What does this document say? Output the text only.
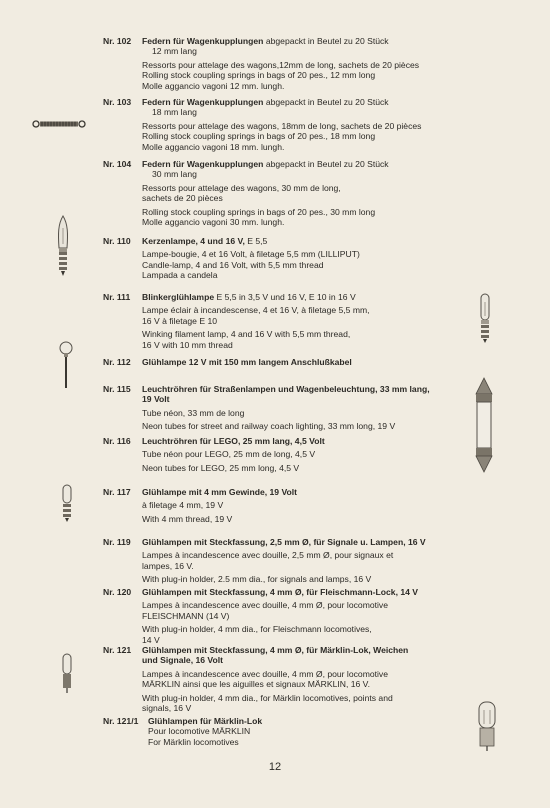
Nr. 102	Federn für Wagenkupplungen abgepackt in Beutel zu 20 Stück
12 mm lang
Ressorts pour attelage des wagons,12mm de long, sachets de 20 pièces
Rolling stock coupling springs in bags of 20 pes., 12 mm long
Molle aggancio vagoni 12 mm. lungh.
Nr. 103	Federn für Wagenkupplungen abgepackt in Beutel zu 20 Stück
18 mm lang
Ressorts pour attelage des wagons, 18mm de long, sachets de 20 pièces
Rolling stock coupling springs in bags of 20 pes., 18 mm long
Molle aggancio vagoni 18 mm. lungh.
Nr. 104	Federn für Wagenkupplungen abgepackt in Beutel zu 20 Stück
30 mm lang
Ressorts pour attelage des wagons, 30 mm de long,
sachets de 20 pièces
Rolling stock coupling springs in bags of 20 pes., 30 mm long
Molle aggancio vagoni 30 mm. lungh.
Nr. 110	Kerzenlampe, 4 und 16 V, E 5,5
Lampe-bougie, 4 et 16 Volt, à filetage 5,5 mm (LILLIPUT)
Candle-lamp, 4 and 16 Volt, with 5,5 mm thread
Lampada a candela
Nr. 111	Blinkerglühlampe E 5,5 in 3,5 V und 16 V, E 10 in 16 V
Lampe éclair à incandescense, 4 et 16 V, à filetage 5,5 mm,
16 V à filetage E 10
Winking filament lamp, 4 and 16 V with 5,5 mm thread,
16 V with 10 mm thread
Nr. 112	Glühlampe 12 V mit 150 mm langem Anschlußkabel
Nr. 115	Leuchtröhren für Straßenlampen und Wagenbeleuchtung, 33 mm lang,
19 Volt
Tube néon, 33 mm de long
Neon tubes for street and railway coach lighting, 33 mm long, 19 V
Nr. 116	Leuchtröhren für LEGO, 25 mm lang, 4,5 Volt
Tube néon pour LEGO, 25 mm de long, 4,5 V
Neon tubes for LEGO, 25 mm long, 4,5 V
Nr. 117	Glühlampe mit 4 mm Gewinde, 19 Volt
à filetage 4 mm, 19 V
With 4 mm thread, 19 V
Nr. 119	Glühlampen mit Steckfassung, 2,5 mm Ø, für Signale u. Lampen, 16 V
Lampes à incandescence avec douille, 2,5 mm Ø, pour signaux et
lampes, 16 V.
With plug-in holder, 2.5 mm dia., for signals and lamps, 16 V
Nr. 120	Glühlampen mit Steckfassung, 4 mm Ø, für Fleischmann-Lock, 14 V
Lampes à incandescence avec douille, 4 mm Ø, pour locomotive
FLEISCHMANN (14 V)
With plug-in holder, 4 mm dia., for Fleischmann locomotives,
14 V
Nr. 121	Glühlampen mit Steckfassung, 4 mm Ø, für Märklin-Lok, Weichen
und Signale, 16 Volt
Lampes à incandescence avec douille, 4 mm Ø, pour locomotive
MÄRKLIN ainsi que les aiguilles et signaux MÄRKLIN, 16 V.
With plug-in holder, 4 mm dia., for Märklin locomotives, points and
signals, 16 V
Nr. 121/1	Glühlampen für Märklin-Lok
Pour locomotive MÄRKLIN
For Märklin locomotives
12
